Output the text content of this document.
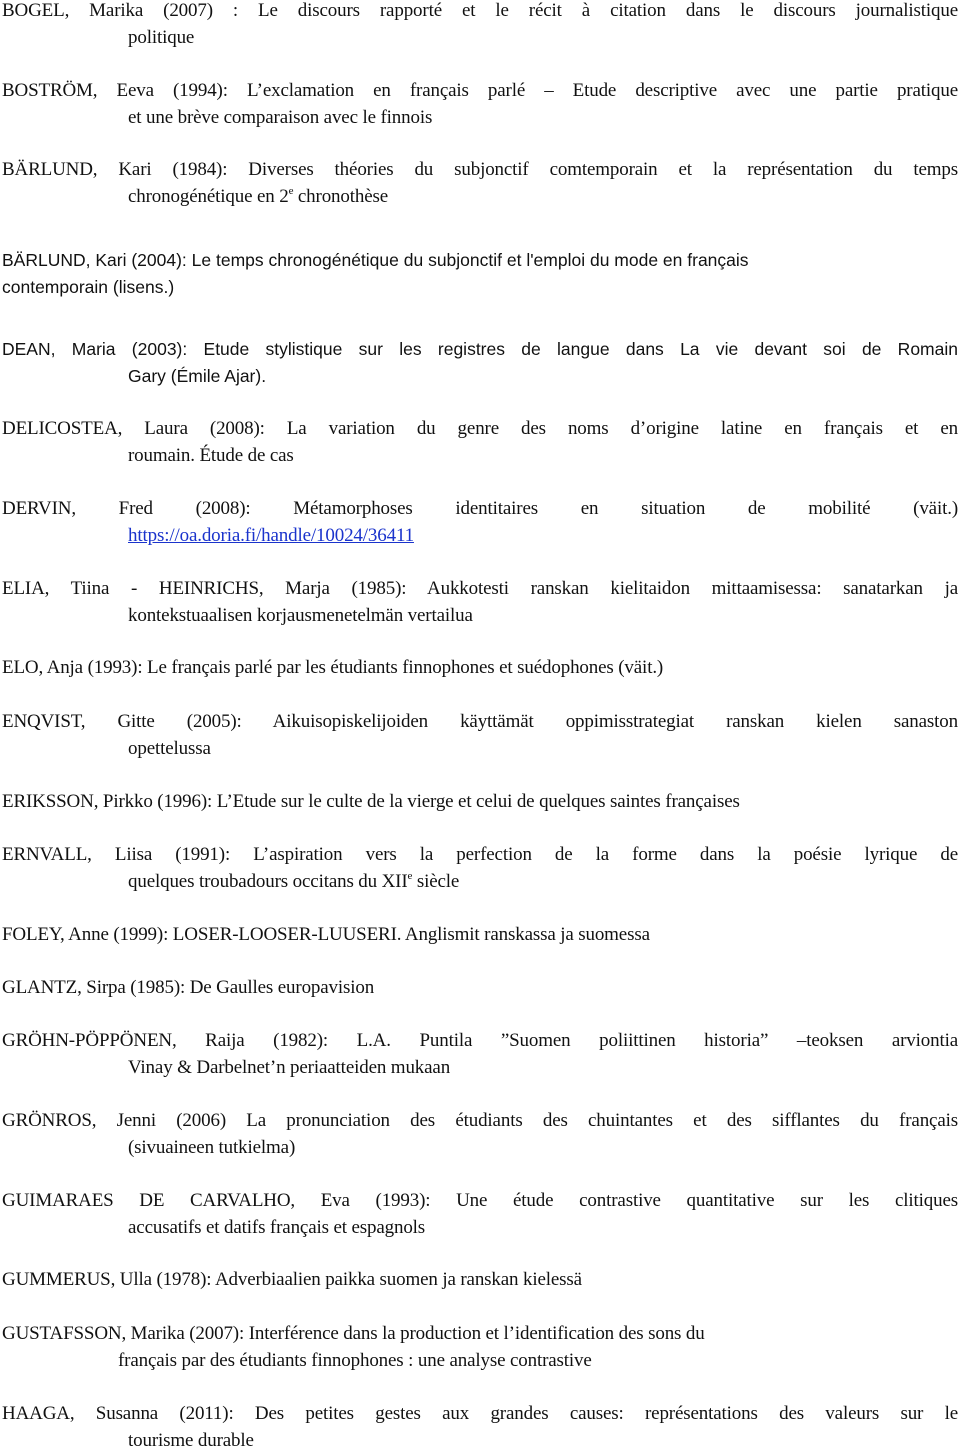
BOGEL, Marika (2007) : Le discours rapporté et le récit à citation dans le discours journalistique
politique
BOSTRÖM, Eeva (1994): L’exclamation en français parlé – Etude descriptive avec une partie pratique
et une brève comparaison avec le finnois
BÄRLUND, Kari (1984): Diverses théories du subjonctif comtemporain et la représentation du temps
chronogénétique en 2e chronothèse
BÄRLUND, Kari (2004): Le temps chronogénétique du subjonctif et l'emploi du mode en français
contemporain (lisens.)
DEAN, Maria (2003): Etude stylistique sur les registres de langue dans La vie devant soi de Romain
Gary (Émile Ajar).
DELICOSTEA, Laura (2008): La variation du genre des noms d’origine latine en français et en
roumain. Étude de cas
DERVIN, Fred (2008): Métamorphoses identitaires en situation de mobilité (väit.)
https://oa.doria.fi/handle/10024/36411
ELIA, Tiina - HEINRICHS, Marja (1985): Aukkotesti ranskan kielitaidon mittaamisessa: sanatarkan ja
kontekstuaalisen korjausmenetelmän vertailua
ELO, Anja (1993): Le français parlé par les étudiants finnophones et suédophones (väit.)
ENQVIST, Gitte (2005): Aikuisopiskelijoiden käyttämät oppimisstrategiat ranskan kielen sanaston
opettelussa
ERIKSSON, Pirkko (1996): L’Etude sur le culte de la vierge et celui de quelques saintes françaises
ERNVALL, Liisa (1991): L’aspiration vers la perfection de la forme dans la poésie lyrique de
quelques troubadours occitans du XIIe siècle
FOLEY, Anne (1999): LOSER-LOOSER-LUUSERI. Anglismit ranskassa ja suomessa
GLANTZ, Sirpa (1985): De Gaulles europavision
GRÖHN-PÖPPÖNEN, Raija (1982): L.A. Puntila ”Suomen poliittinen historia” –teoksen arviontia
Vinay & Darbelnet’n periaatteiden mukaan
GRÖNROS, Jenni (2006) La pronunciation des étudiants des chuintantes et des sifflantes du français
(sivuaineen tutkielma)
GUIMARAES DE CARVALHO, Eva (1993): Une étude contrastive quantitative sur les clitiques
accusatifs et datifs français et espagnols
GUMMERUS, Ulla (1978): Adverbiaalien paikka suomen ja ranskan kielessä
GUSTAFSSON, Marika (2007): Interférence dans la production et l’identification des sons du
français par des étudiants finnophones : une analyse contrastive
HAAGA, Susanna (2011): Des petites gestes aux grandes causes: représentations des valeurs sur le
tourisme durable
